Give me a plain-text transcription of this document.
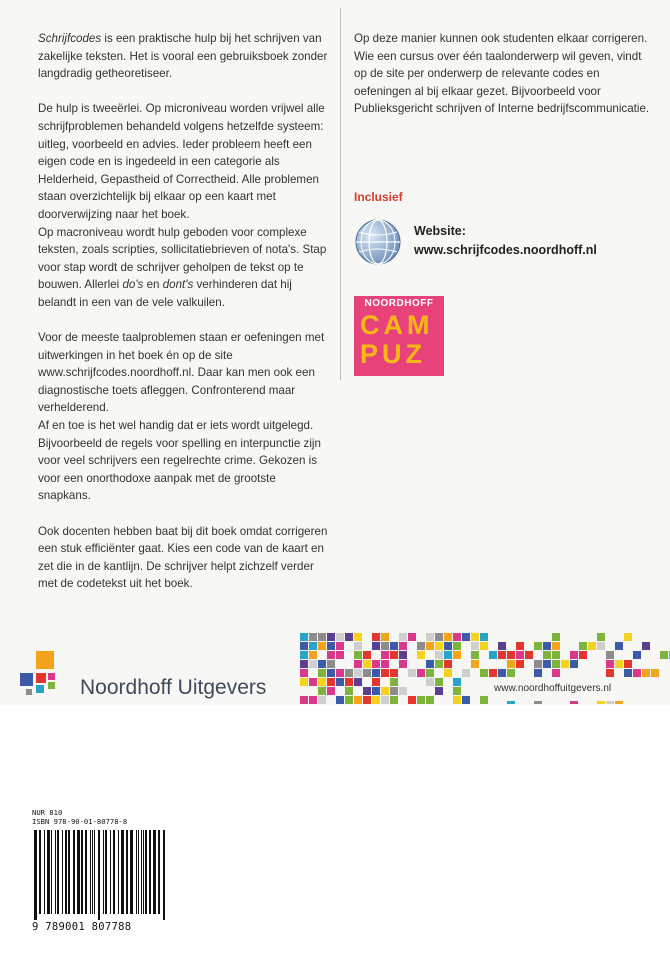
Schrijfcodes is een praktische hulp bij het schrijven van zakelijke teksten. Het is vooral een gebruiksboek zonder langdradig getheoretiseer.

De hulp is tweeërlei. Op microniveau worden vrijwel alle schrijfproblemen behandeld volgens hetzelfde systeem: uitleg, voorbeeld en advies. Ieder probleem heeft een eigen code en is ingedeeld in een categorie als Helderheid, Gepastheid of Correctheid. Alle problemen staan overzichtelijk bij elkaar op een kaart met doorverwijzing naar het boek.

Op macroniveau wordt hulp geboden voor complexe teksten, zoals scripties, sollicitatiebrieven of nota's. Stap voor stap wordt de schrijver geholpen de tekst op te bouwen. Allerlei do's en dont's verhinderen dat hij belandt in een van de vele valkuilen.

Voor de meeste taalproblemen staan er oefeningen met uitwerkingen in het boek én op de site www.schrijfcodes.noordhoff.nl. Daar kan men ook een diagnostische toets afleggen. Confronterend maar verhelderend.

Af en toe is het wel handig dat er iets wordt uitgelegd. Bijvoorbeeld de regels voor spelling en interpunctie zijn voor veel schrijvers een regelrechte crime. Gekozen is voor een onorthodoxe aanpak met de grootste snapkans.

Ook docenten hebben baat bij dit boek omdat corrigeren een stuk efficiënter gaat. Kies een code van de kaart en zet die in de kantlijn. De schrijver helpt zichzelf verder met de codetekst uit het boek.

Op deze manier kunnen ook studenten elkaar corrigeren.

Wie een cursus over één taalonderwerp wil geven, vindt op de site per onderwerp de relevante codes en oefeningen al bij elkaar gezet. Bijvoorbeeld voor Publieksgericht schrijven of Interne bedrijfscommunicatie.

Inclusief
Website:
www.schrijfcodes.noordhoff.nl
NOORDHOFF
CAM
PUZ
Noordhoff Uitgevers	www.noordhoffuitgevers.nl
NUR 810
ISBN 978-90-01-80778-8
9 789001 807788
